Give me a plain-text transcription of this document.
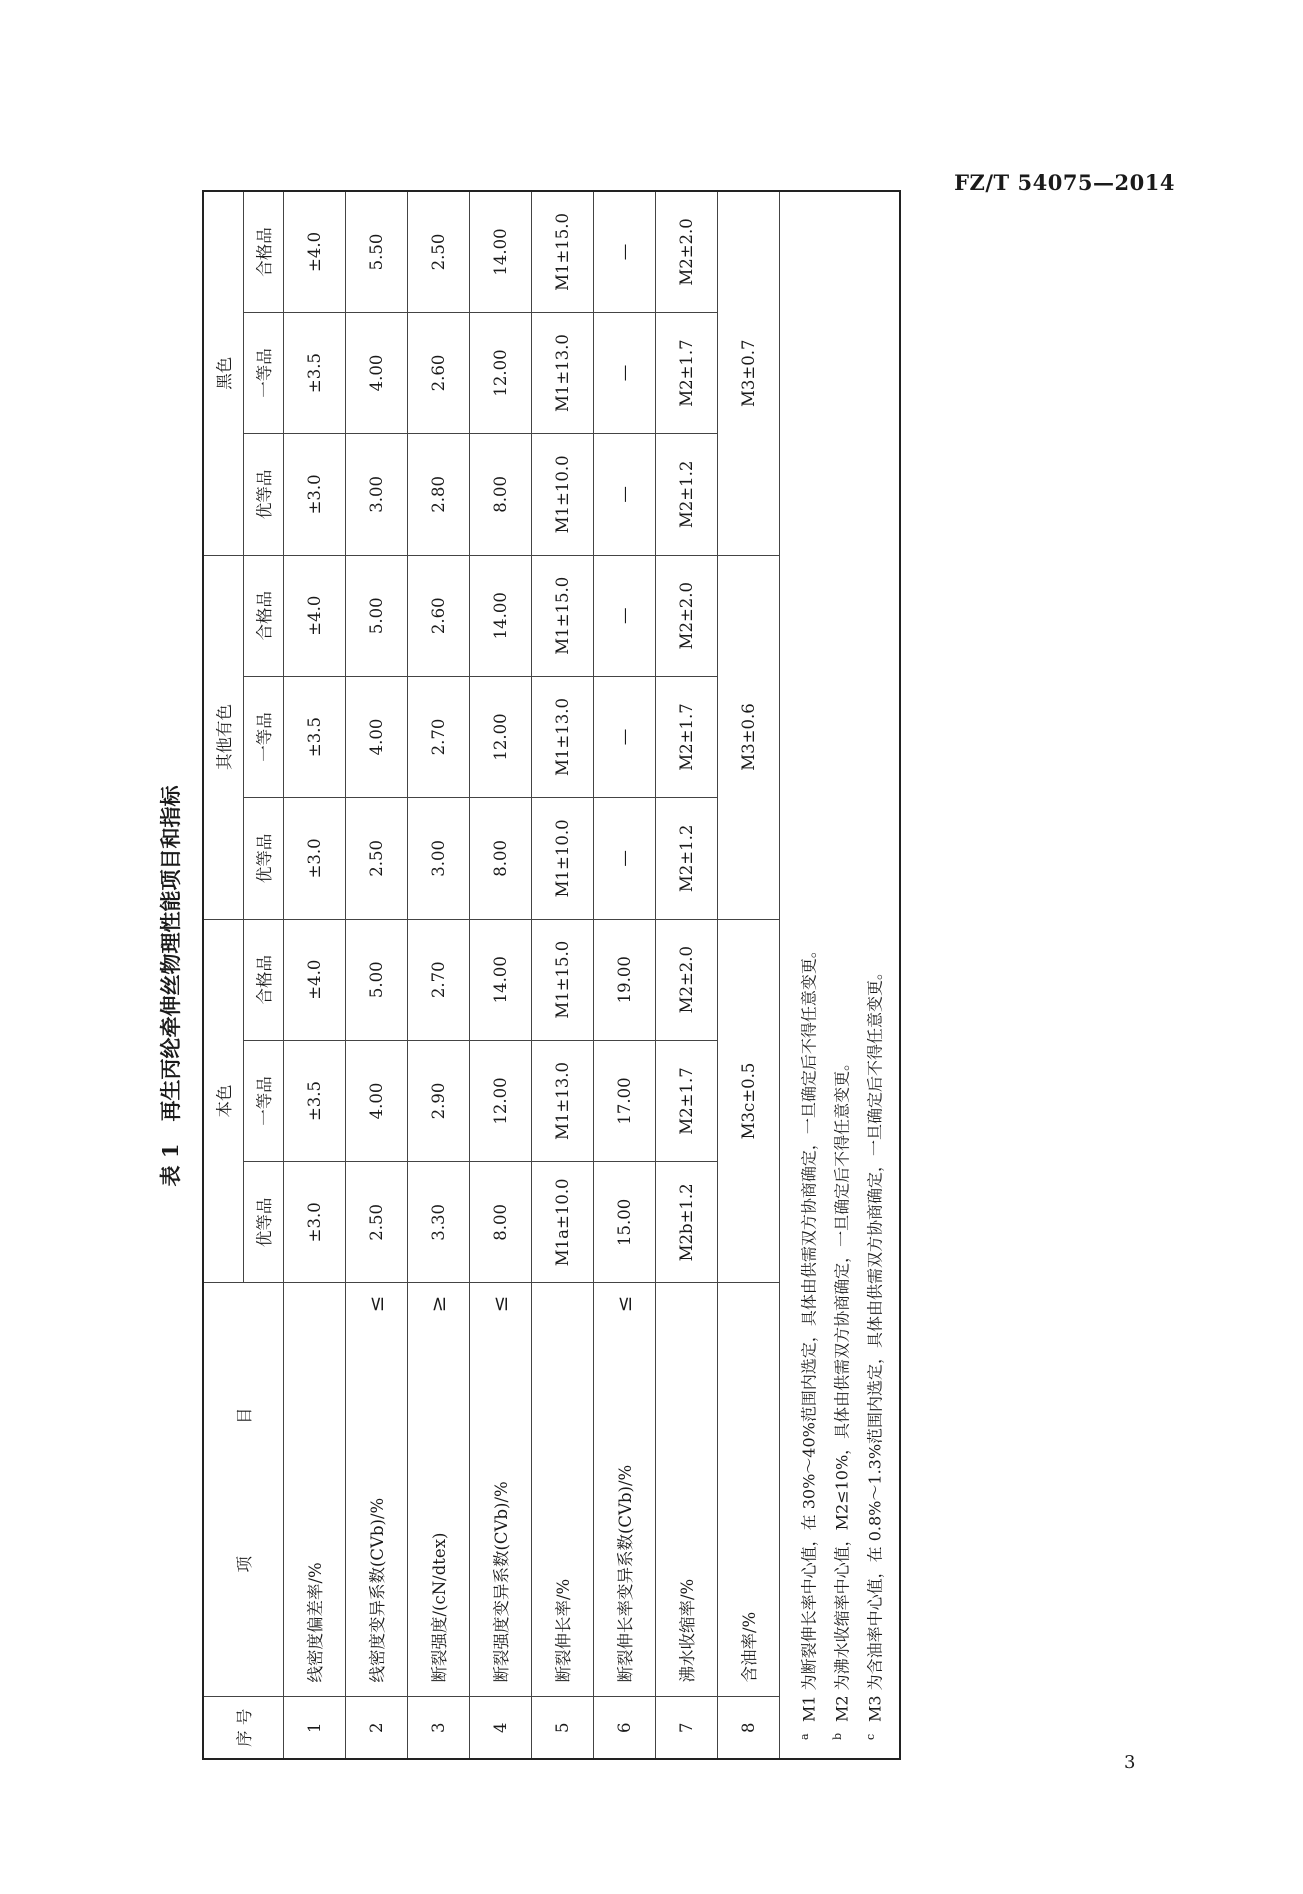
FZ/T 54075—2014
表 1再生丙纶牵伸丝物理性能项目和指标
序 号	项　　　　　　　　目		本色			其他有色			黑色		
			优等品	一等品	合格品	优等品	一等品	合格品	优等品	一等品	合格品
1	线密度偏差率/%		±3.0	±3.5	±4.0	±3.0	±3.5	±4.0	±3.0	±3.5	±4.0
2	线密度变异系数(CVb)/%	≤	2.50	4.00	5.00	2.50	4.00	5.00	3.00	4.00	5.50
3	断裂强度/(cN/dtex)	≥	3.30	2.90	2.70	3.00	2.70	2.60	2.80	2.60	2.50
4	断裂强度变异系数(CVb)/%	≤	8.00	12.00	14.00	8.00	12.00	14.00	8.00	12.00	14.00
5	断裂伸长率/%		M1a±10.0	M1±13.0	M1±15.0	M1±10.0	M1±13.0	M1±15.0	M1±10.0	M1±13.0	M1±15.0
6	断裂伸长率变异系数(CVb)/%	≤	15.00	17.00	19.00	—	—	—	—	—	—
7	沸水收缩率/%		M2b±1.2	M2±1.7	M2±2.0	M2±1.2	M2±1.7	M2±2.0	M2±1.2	M2±1.7	M2±2.0
8	含油率/%		M3c±0.5			M3±0.6			M3±0.7		

aM1 为断裂伸长率中心值，在 30%～40%范围内选定，具体由供需双方协商确定，一旦确定后不得任意变更。
bM2 为沸水收缩率中心值，M2≤10%，具体由供需双方协商确定，一旦确定后不得任意变更。
cM3 为含油率中心值，在 0.8%～1.3%范围内选定，具体由供需双方协商确定，一旦确定后不得任意变更。											
3
